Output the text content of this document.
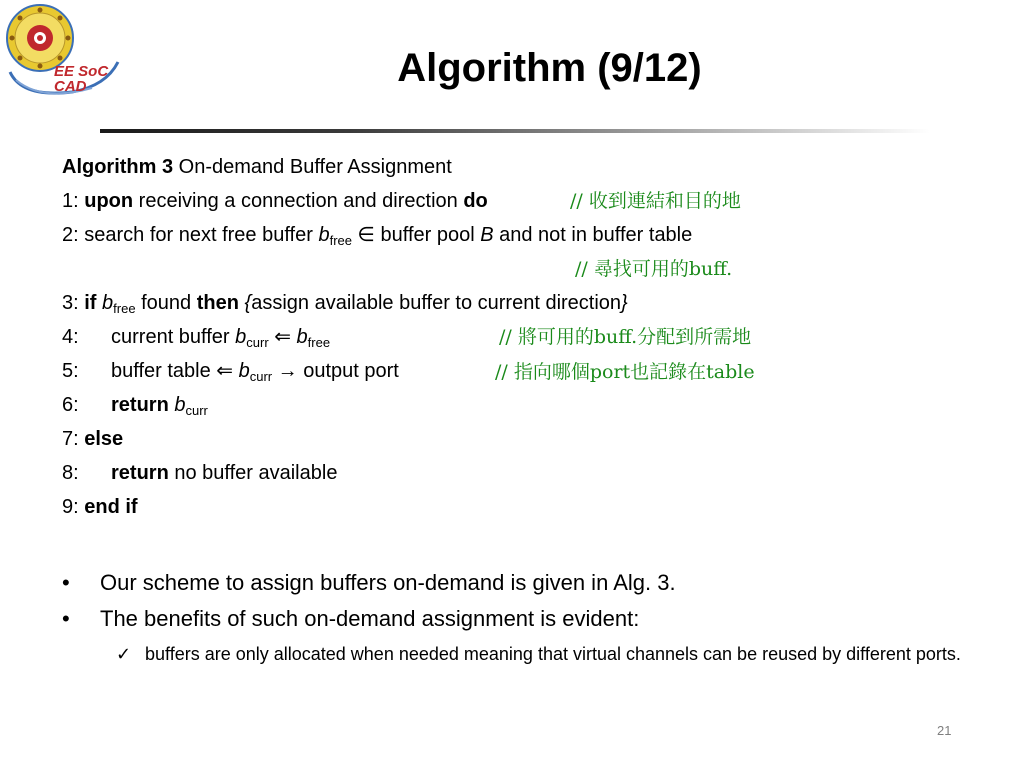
EE SoC CAD	Algorithm (9/12)
Algorithm 3 On-demand Buffer Assignment
1: upon receiving a connection and direction do	// 收到連結和目的地
2: search for next free buffer $b_{free}$ ∈ buffer pool B and not in buffer table
// 尋找可用的buff.
3: if $b_{free}$ found then {assign available buffer to current direction}
4: current buffer $b_{curr}$ ⇐ $b_{free}$	// 將可用的buff.分配到所需地
5: buffer table ⇐ $b_{curr}$ → output port	// 指向哪個port也記錄在table
6: return $b_{curr}$
7: else
8: return no buffer available
9: end if
• Our scheme to assign buffers on-demand is given in Alg. 3.
• The benefits of such on-demand assignment is evident:
✓ buffers are only allocated when needed meaning that virtual channels can be reused by different ports.
21
